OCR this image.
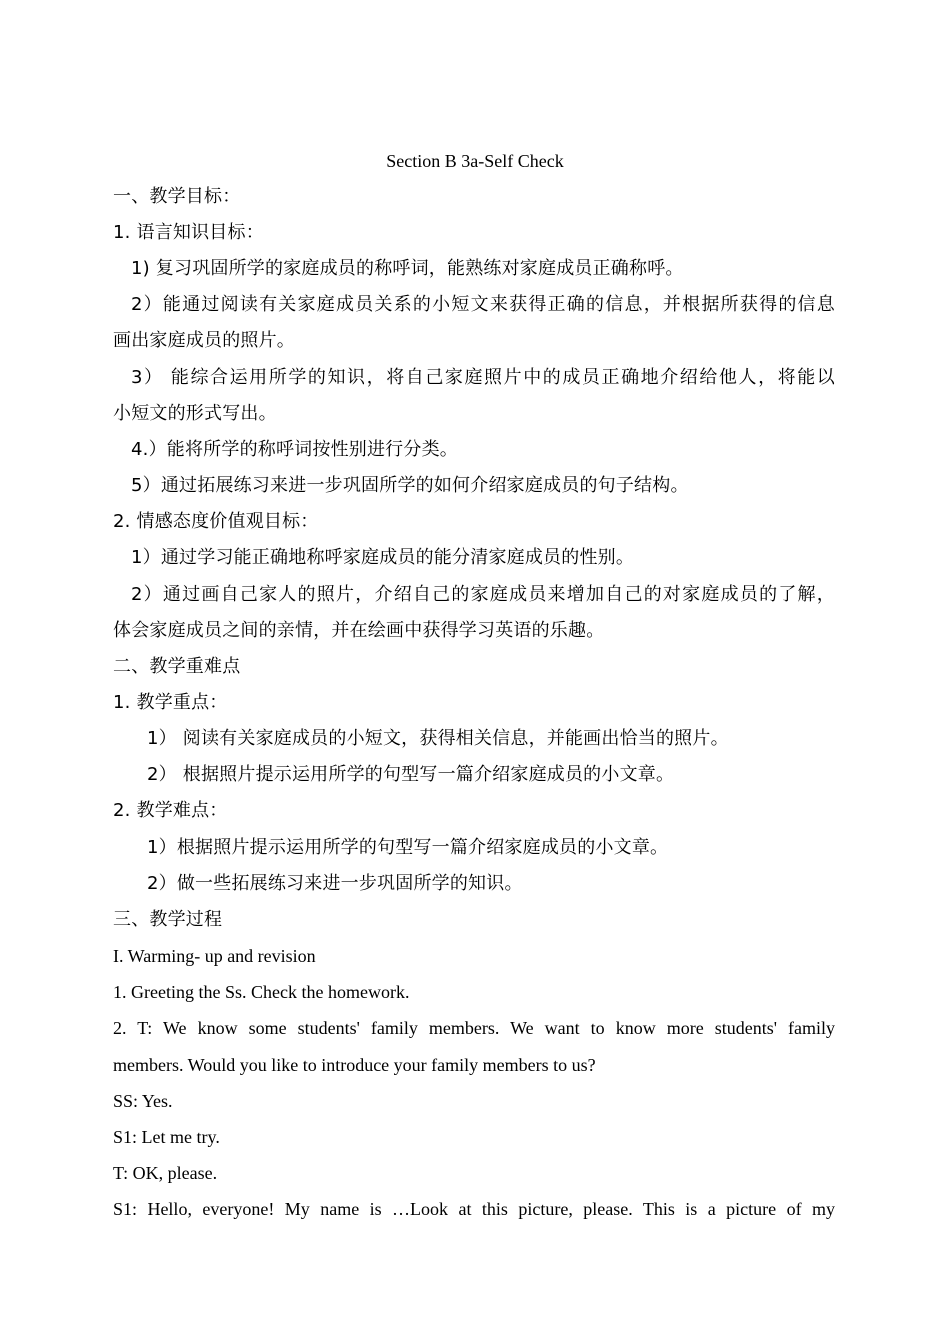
Section B 3a-Self Check
一、教学目标：
1. 语言知识目标：
1) 复习巩固所学的家庭成员的称呼词，能熟练对家庭成员正确称呼。
2）能通过阅读有关家庭成员关系的小短文来获得正确的信息，并根据所获得的信息
画出家庭成员的照片。
3） 能综合运用所学的知识，将自己家庭照片中的成员正确地介绍给他人，将能以
小短文的形式写出。
4.）能将所学的称呼词按性别进行分类。
5）通过拓展练习来进一步巩固所学的如何介绍家庭成员的句子结构。
2. 情感态度价值观目标：
1）通过学习能正确地称呼家庭成员的能分清家庭成员的性别。
2）通过画自己家人的照片，介绍自己的家庭成员来增加自己的对家庭成员的了解，
体会家庭成员之间的亲情，并在绘画中获得学习英语的乐趣。
二、教学重难点
1. 教学重点：
1） 阅读有关家庭成员的小短文，获得相关信息，并能画出恰当的照片。
2） 根据照片提示运用所学的句型写一篇介绍家庭成员的小文章。
2. 教学难点：
1）根据照片提示运用所学的句型写一篇介绍家庭成员的小文章。
2）做一些拓展练习来进一步巩固所学的知识。
三、教学过程
I. Warming- up and revision
1. Greeting the Ss. Check the homework.
2. T: We know some students' family members. We want to know more students' family
members. Would you like to introduce your family members to us?
SS: Yes.
S1: Let me try.
T: OK, please.
S1: Hello, everyone! My name is …Look at this picture, please. This is a picture of my
